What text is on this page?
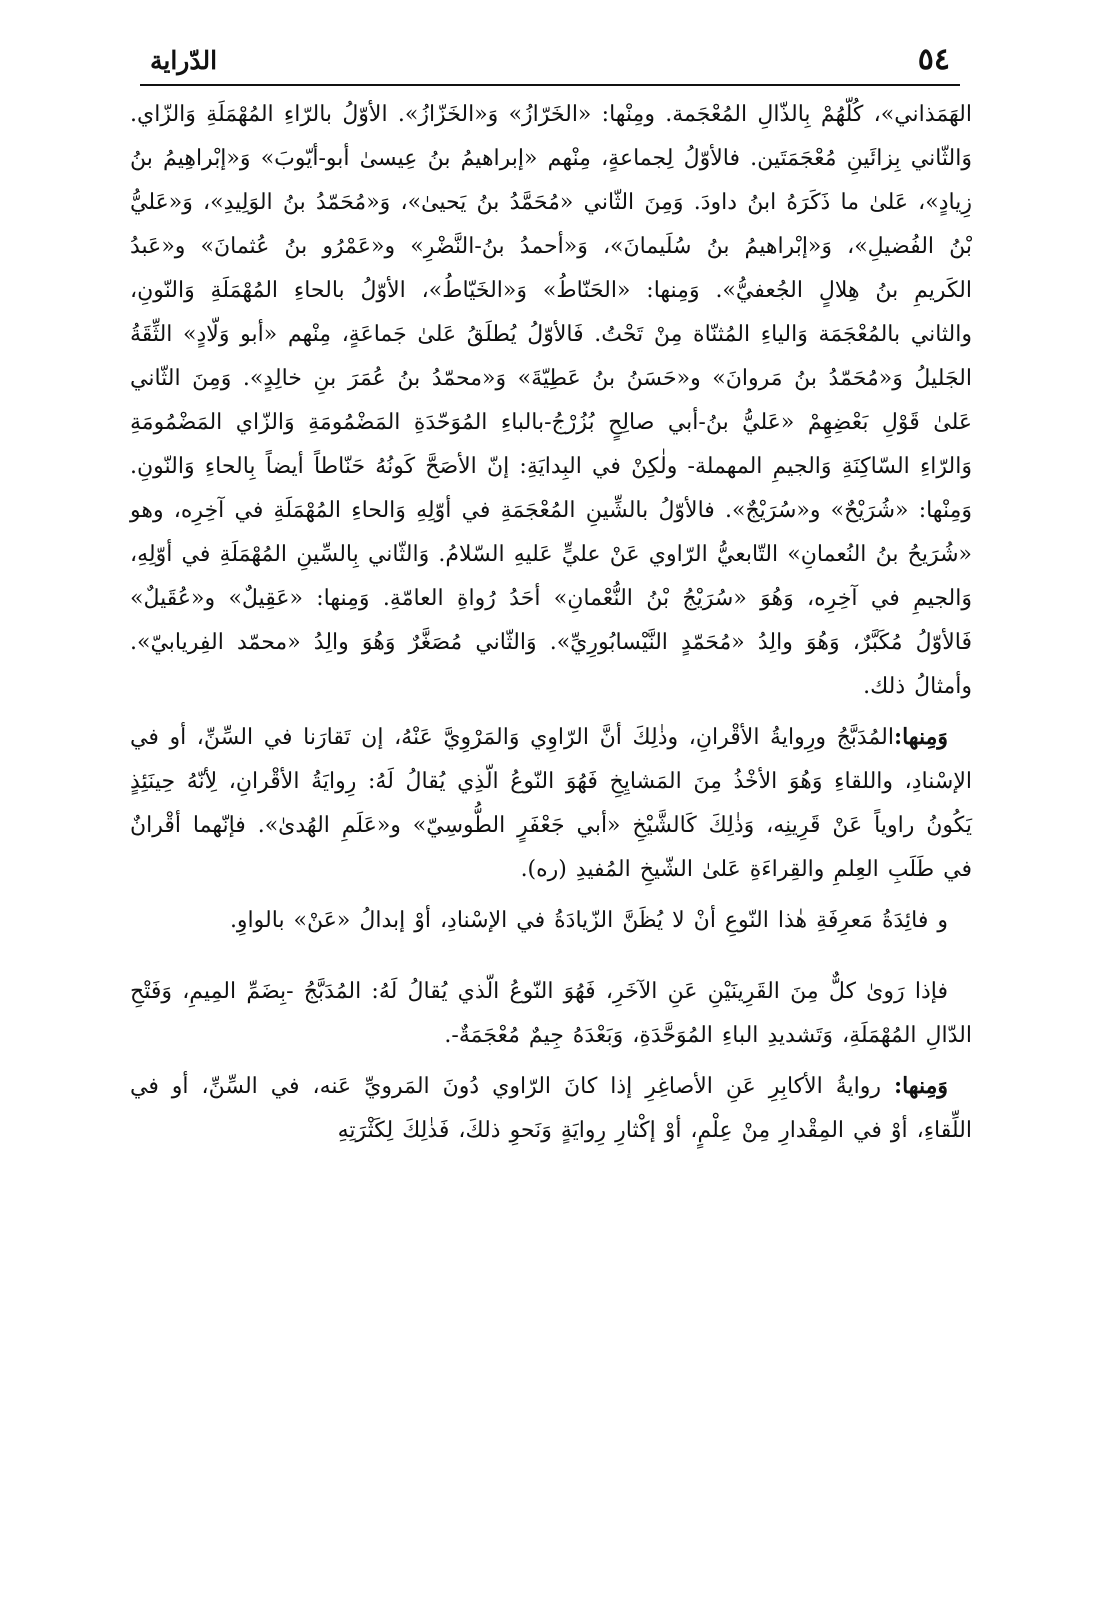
٥٤
الدّراية

الهَمَذاني»، كُلّهُمْ بِالذّالِ المُعْجَمة. ومِنْها: «الخَرّازُ» وَ«الخَزّازُ». الأوّلُ بالرّاءِ المُهْمَلَةِ وَالزّاي. وَالثّاني بِزائَينِ مُعْجَمَتَين. فالأوّلُ لِجماعةٍ، مِنْهم «إبراهيمُ بنُ عِيسىٰ أبو-أيّوبَ» وَ«إبْراهِيمُ بنُ زِيادٍ»، عَلىٰ ما ذَكَرَهُ ابنُ داودَ. وَمِنَ الثّاني «مُحَمَّدُ بنُ يَحيىٰ»، وَ«مُحَمّدُ بنُ الوَلِيدِ»، وَ«عَليُّ بْنُ الفُضيلِ»، وَ«إبْراهيمُ بنُ سُلَيمانَ»، وَ«أحمدُ بنُ-النَّضْرِ» و«عَمْرُو بنُ عُثمانَ» و«عَبدُ الكَريمِ بنُ هِلالٍ الجُعفيُّ». وَمِنها: «الحَنّاطُ» وَ«الخَيّاطُ»، الأوّلُ بالحاءِ المُهْمَلَةِ وَالنّونِ، والثاني بالمُعْجَمَة وَالياءِ المُثنّاة مِنْ تَحْتُ. فَالأوّلُ يُطلَقُ عَلىٰ جَماعَةٍ، مِنْهم «أبو وَلّادٍ» الثِّقَةُ الجَليلُ وَ«مُحَمّدُ بنُ مَروانَ» و«حَسَنُ بنُ عَطِيّةَ» وَ«محمّدُ بنُ عُمَرَ بنِ خالِدٍ». وَمِنَ الثّاني عَلىٰ قَوْلِ بَعْضِهِمْ «عَليُّ بنُ-أبي صالِحٍ بُزُرْجُ-بالباءِ المُوَحّدَةِ المَضْمُومَةِ وَالزّاي المَضْمُومَةِ وَالرّاءِ السّاكِنَةِ وَالجيمِ المهملة- ولٰكِنْ في البِدايَةِ: إنّ الأصَحَّ كَونُهُ حَنّاطاً أيضاً بِالحاءِ وَالنّونِ. وَمِنْها: «شُرَيْحٌ» و«سُرَيْجٌ». فالأوّلُ بالشِّينِ المُعْجَمَةِ في أوّلِهِ وَالحاءِ المُهْمَلَةِ في آخِرِه، وهو «شُرَيحُ بنُ النُعمانِ» التّابعيُّ الرّاوي عَنْ عليٍّ عَليهِ السّلامُ. وَالثّاني بِالسِّينِ المُهْمَلَةِ في أوّلِهِ، وَالجيمِ في آخِرِه، وَهُوَ «سُرَيْجُ بْنُ النُّعْمانِ» أحَدُ رُواةِ العامّةِ. وَمِنها: «عَقِيلٌ» و«عُقَيلٌ» فَالأوّلُ مُكَبَّرٌ، وَهُوَ والِدُ «مُحَمّدٍ النَّيْسابُورِيِّ». وَالثّاني مُصَغَّرٌ وَهُوَ والِدُ «محمّد الفِريابيّ». وأمثالُ ذلك.

وَمِنها:المُدَبَّجُ ورِوايةُ الأقْرانِ، وذٰلِكَ أنَّ الرّاوِي وَالمَرْوِيَّ عَنْهُ، إن تَقارَنا في السِّنِّ، أو في الإسْنادِ، واللقاءِ وَهُوَ الأخْذُ مِنَ المَشايِخِ فَهُوَ النّوعُ الّذِي يُقالُ لَهُ: رِوايَةُ الأقْرانِ، لِأنّهُ حِينَئِذٍ يَكُونُ راوياً عَنْ قَرِينِه، وَذٰلِكَ كَالشَّيْخِ «أبي جَعْفَرٍ الطُّوسِيّ» و«عَلَمِ الهُدىٰ». فإنّهما أقْرانٌ في طَلَبِ العِلمِ والقِراءَةِ عَلىٰ الشّيخِ المُفيدِ (ره).

و فائِدَةُ مَعرِفَةِ هٰذا النّوعِ أنْ لا يُظَنَّ الزّيادَةُ في الإسْنادِ، أوْ إبدالُ «عَنْ» بالواوِ.

فإذا رَوىٰ كلٌّ مِنَ القَرِينَيْنِ عَنِ الآخَرِ، فَهُوَ النّوعُ الّذي يُقالُ لَهُ: المُدَبَّجُ -بِضَمِّ المِيمِ، وَفَتْحِ الدّالِ المُهْمَلَةِ، وَتَشديدِ الباءِ المُوَحَّدَةِ، وَبَعْدَهُ جِيمٌ مُعْجَمَةٌ-.

وَمِنها: روايةُ الأكابِرِ عَنِ الأصاغِرِ إذا كانَ الرّاوي دُونَ المَرويِّ عَنه، في السِّنِّ، أو في اللِّقاءِ، أوْ في المِقْدارِ مِنْ عِلْمٍ، أوْ إكْثارِ رِوايَةٍ وَنَحوِ ذلكَ، فَذٰلِكَ لِكَثْرَتِهِ
